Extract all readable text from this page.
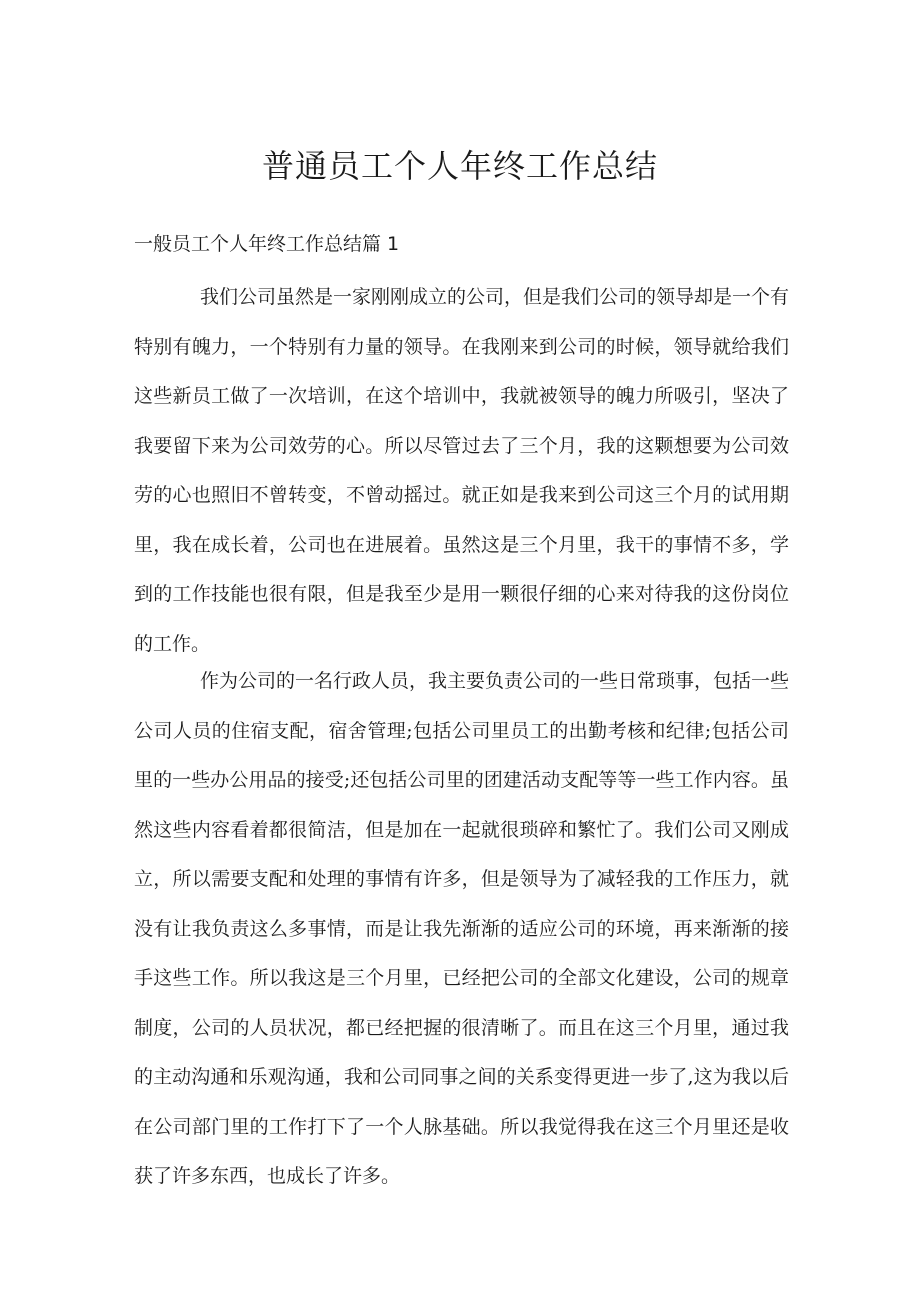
普通员工个人年终工作总结
一般员工个人年终工作总结篇 1

我们公司虽然是一家刚刚成立的公司，但是我们公司的领导却是一个有特别有魄力，一个特别有力量的领导。在我刚来到公司的时候，领导就给我们这些新员工做了一次培训，在这个培训中，我就被领导的魄力所吸引，坚决了我要留下来为公司效劳的心。所以尽管过去了三个月，我的这颗想要为公司效劳的心也照旧不曾转变，不曾动摇过。就正如是我来到公司这三个月的试用期里，我在成长着，公司也在进展着。虽然这是三个月里，我干的事情不多，学到的工作技能也很有限，但是我至少是用一颗很仔细的心来对待我的这份岗位的工作。

作为公司的一名行政人员，我主要负责公司的一些日常琐事，包括一些公司人员的住宿支配，宿舍管理;包括公司里员工的出勤考核和纪律;包括公司里的一些办公用品的接受;还包括公司里的团建活动支配等等一些工作内容。虽然这些内容看着都很简洁，但是加在一起就很琐碎和繁忙了。我们公司又刚成立，所以需要支配和处理的事情有许多，但是领导为了减轻我的工作压力，就没有让我负责这么多事情，而是让我先渐渐的适应公司的环境，再来渐渐的接手这些工作。所以我这是三个月里，已经把公司的全部文化建设，公司的规章制度，公司的人员状况，都已经把握的很清晰了。而且在这三个月里，通过我的主动沟通和乐观沟通，我和公司同事之间的关系变得更进一步了,这为我以后在公司部门里的工作打下了一个人脉基础。所以我觉得我在这三个月里还是收获了许多东西，也成长了许多。
